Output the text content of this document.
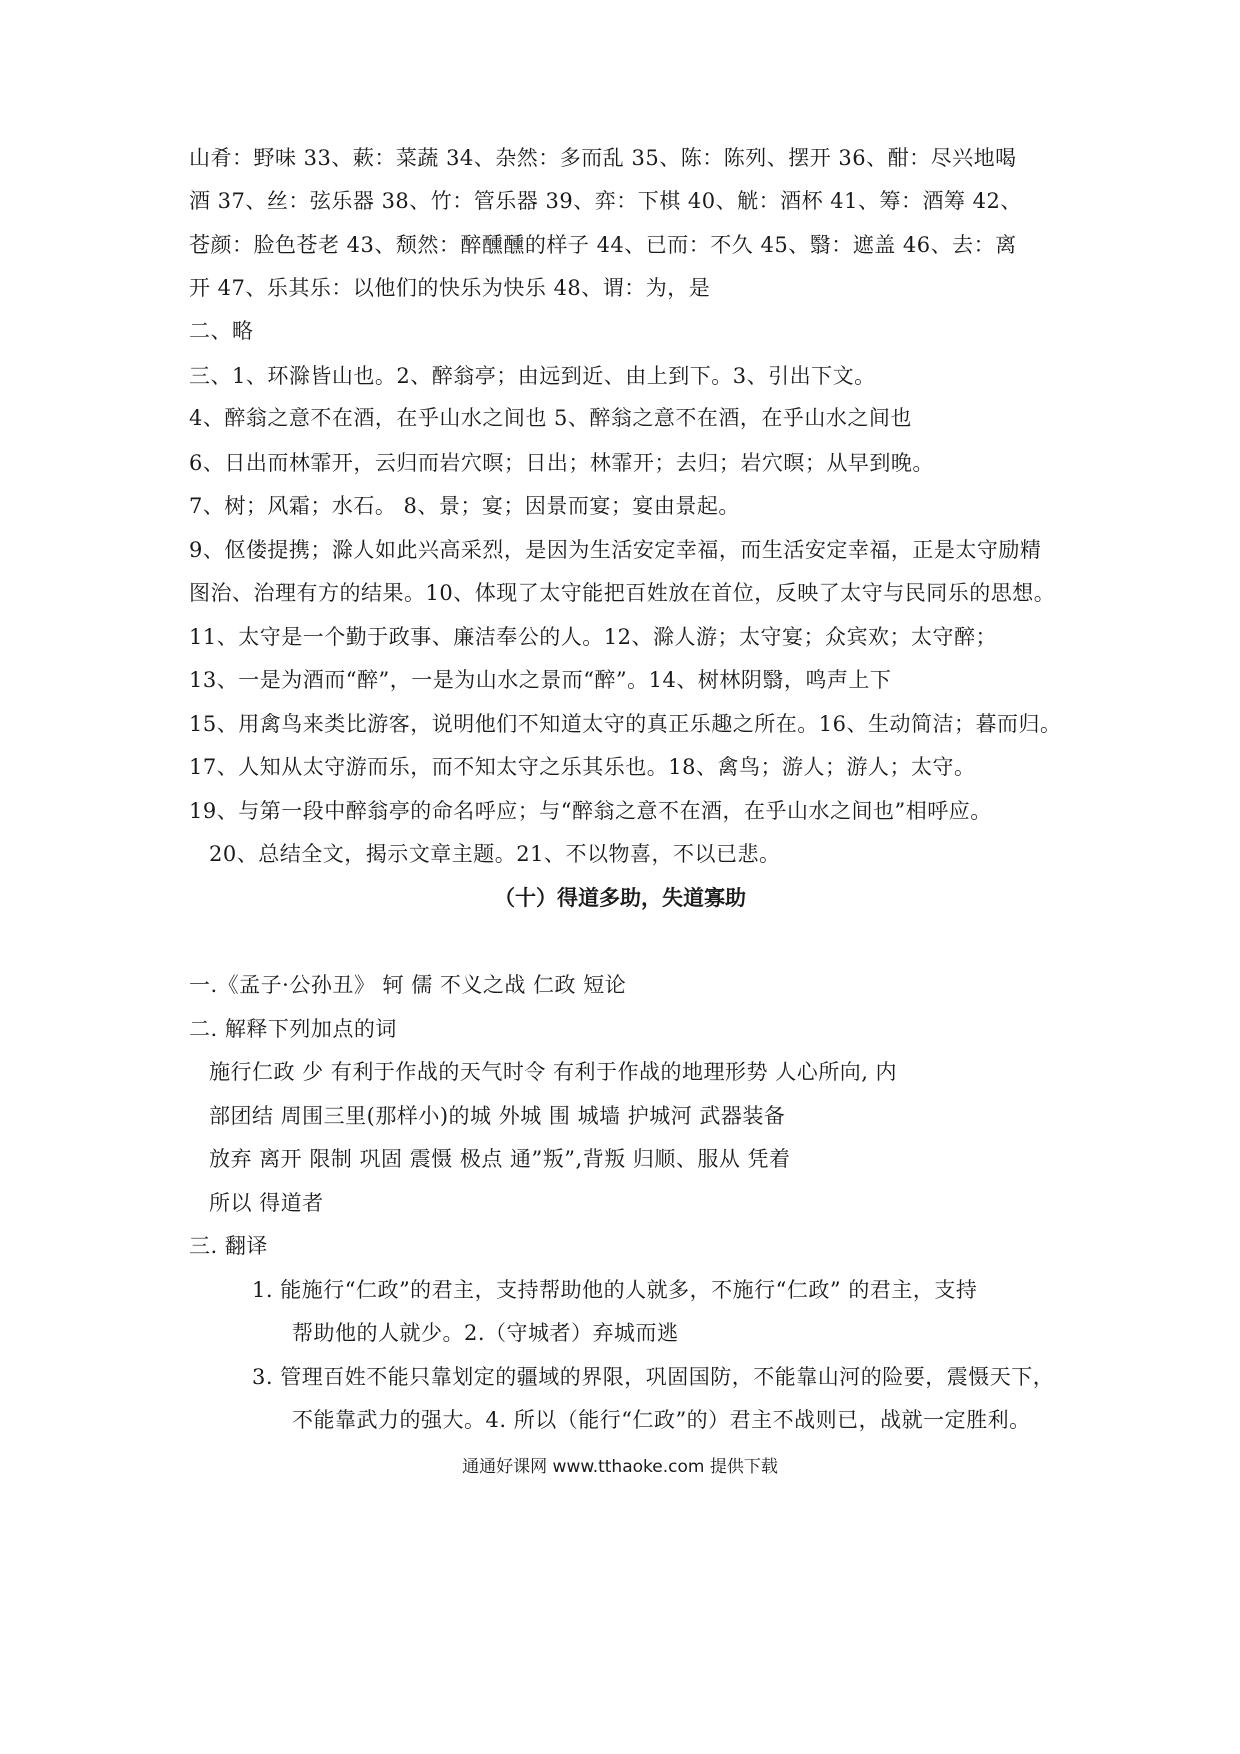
山肴：野味 33、蔌：菜蔬 34、杂然：多而乱 35、陈：陈列、摆开 36、酣：尽兴地喝
酒 37、丝：弦乐器 38、竹：管乐器 39、弈：下棋 40、觥：酒杯 41、筹：酒筹 42、
苍颜：脸色苍老 43、颓然：醉醺醺的样子 44、已而：不久 45、翳：遮盖 46、去：离
开 47、乐其乐：以他们的快乐为快乐 48、谓：为，是
二、略
三、1、环滁皆山也。2、醉翁亭；由远到近、由上到下。3、引出下文。
4、醉翁之意不在酒，在乎山水之间也 5、醉翁之意不在酒，在乎山水之间也
6、日出而林霏开，云归而岩穴暝；日出；林霏开；去归；岩穴暝；从早到晚。
7、树；风霜；水石。 8、景；宴；因景而宴；宴由景起。
9、伛偻提携；滁人如此兴高采烈，是因为生活安定幸福，而生活安定幸福，正是太守励精
图治、治理有方的结果。10、体现了太守能把百姓放在首位，反映了太守与民同乐的思想。
11、太守是一个勤于政事、廉洁奉公的人。12、滁人游；太守宴；众宾欢；太守醉；
13、一是为酒而“醉”，一是为山水之景而“醉”。14、树林阴翳，鸣声上下
15、用禽鸟来类比游客，说明他们不知道太守的真正乐趣之所在。16、生动简洁；暮而归。
17、人知从太守游而乐，而不知太守之乐其乐也。18、禽鸟；游人；游人；太守。
19、与第一段中醉翁亭的命名呼应；与“醉翁之意不在酒，在乎山水之间也”相呼应。
20、总结全文，揭示文章主题。21、不以物喜，不以已悲。
（十）得道多助，失道寡助
一.《孟子·公孙丑》 轲 儒 不义之战 仁政 短论
二. 解释下列加点的词
施行仁政 少 有利于作战的天气时令 有利于作战的地理形势 人心所向, 内
部团结 周围三里(那样小)的城 外城 围 城墙 护城河 武器装备
放弃 离开 限制 巩固 震慑 极点 通”叛”,背叛 归顺、服从 凭着
所以 得道者
三. 翻译
1. 能施行“仁政”的君主，支持帮助他的人就多，不施行“仁政” 的君主，支持
帮助他的人就少。2.（守城者）弃城而逃
3. 管理百姓不能只靠划定的疆域的界限，巩固国防，不能靠山河的险要，震慑天下，
不能靠武力的强大。4. 所以（能行“仁政”的）君主不战则已，战就一定胜利。
通通好课网 www.tthaoke.com 提供下载
